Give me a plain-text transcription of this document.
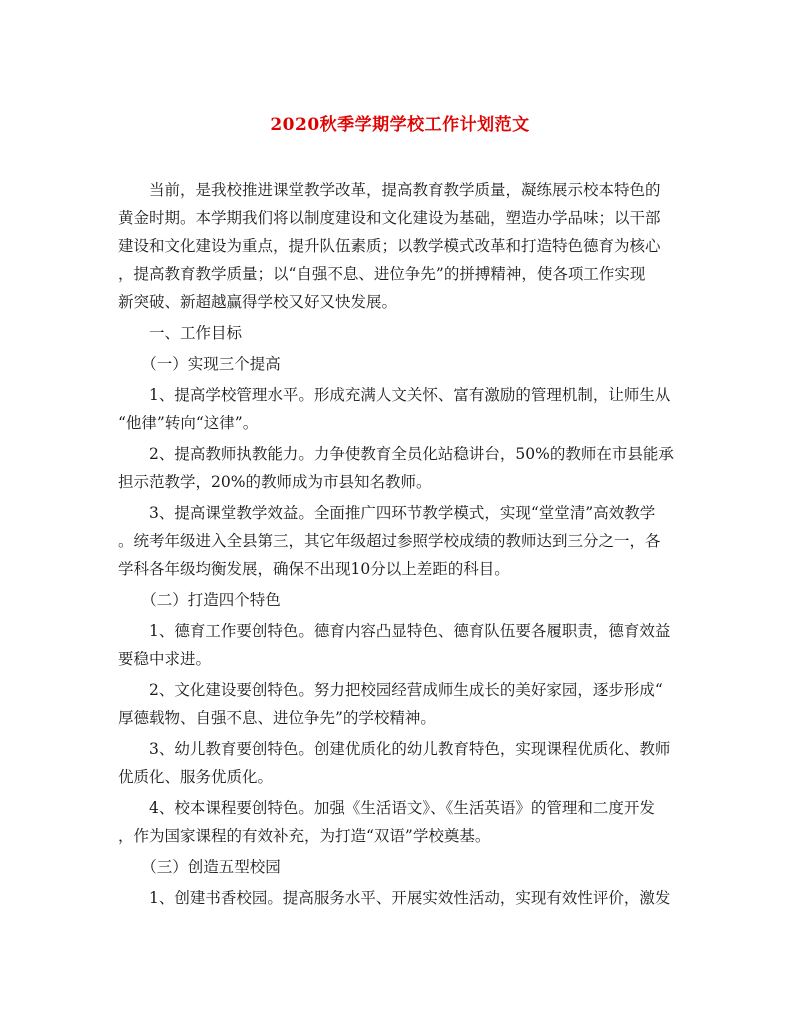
2020秋季学期学校工作计划范文
　　当前，是我校推进课堂教学改革，提高教育教学质量，凝练展示校本特色的
黄金时期。本学期我们将以制度建设和文化建设为基础，塑造办学品味；以干部
建设和文化建设为重点，提升队伍素质；以教学模式改革和打造特色德育为核心
，提高教育教学质量；以“自强不息、进位争先”的拼搏精神，使各项工作实现
新突破、新超越赢得学校又好又快发展。
　　一、工作目标
　　（一）实现三个提高
　　1、提高学校管理水平。形成充满人文关怀、富有激励的管理机制，让师生从
“他律”转向“这律”。
　　2、提高教师执教能力。力争使教育全员化站稳讲台，50%的教师在市县能承
担示范教学，20%的教师成为市县知名教师。
　　3、提高课堂教学效益。全面推广四环节教学模式，实现“堂堂清”高效教学
。统考年级进入全县第三，其它年级超过参照学校成绩的教师达到三分之一，各
学科各年级均衡发展，确保不出现10分以上差距的科目。
　　（二）打造四个特色
　　1、德育工作要创特色。德育内容凸显特色、德育队伍要各履职责，德育效益
要稳中求进。
　　2、文化建设要创特色。努力把校园经营成师生成长的美好家园，逐步形成“
厚德载物、自强不息、进位争先”的学校精神。
　　3、幼儿教育要创特色。创建优质化的幼儿教育特色，实现课程优质化、教师
优质化、服务优质化。
　　4、校本课程要创特色。加强《生活语文》、《生活英语》的管理和二度开发
，作为国家课程的有效补充，为打造“双语”学校奠基。
　　（三）创造五型校园
　　1、创建书香校园。提高服务水平、开展实效性活动，实现有效性评价，激发
